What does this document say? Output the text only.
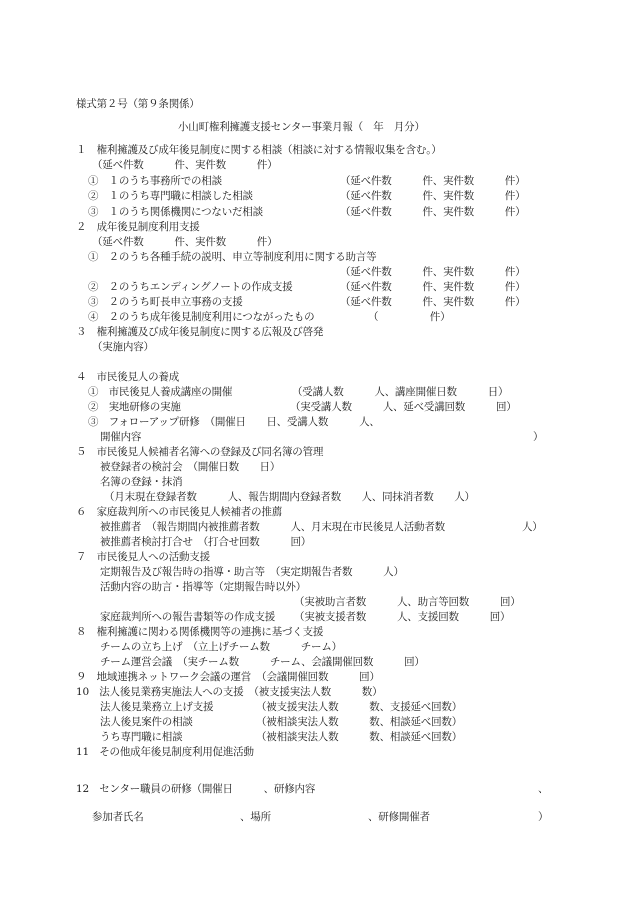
様式第２号（第９条関係）
小山町権利擁護支援センター事業月報（　年　月分）
１　権利擁護及び成年後見制度に関する相談（相談に対する情報収集を含む。）
（延べ件数　　　件、実件数　　　件）
①　１のうち事務所での相談	（延べ件数　　　件、実件数　　　件）
②　１のうち専門職に相談した相談	（延べ件数　　　件、実件数　　　件）
③　１のうち関係機関につないだ相談	（延べ件数　　　件、実件数　　　件）
２　成年後見制度利用支援
（延べ件数　　　件、実件数　　　件）
①　２のうち各種手続の説明、申立等制度利用に関する助言等
（延べ件数　　　件、実件数　　　件）
②　２のうちエンディングノートの作成支援	（延べ件数　　　件、実件数　　　件）
③　２のうち町長申立事務の支援	（延べ件数　　　件、実件数　　　件）
④　２のうち成年後見制度利用につながったもの	（　　　　　件）
３　権利擁護及び成年後見制度に関する広報及び啓発
（実施内容）
４　市民後見人の養成
①　市民後見人養成講座の開催	（受講人数　　　人、講座開催日数　　　日）
②　実地研修の実施	（実受講人数　　　人、延べ受講回数　　　回）
③　フォローアップ研修　（開催日　　日、受講人数　　　人、
開催内容	）
５　市民後見人候補者名簿への登録及び同名簿の管理
被登録者の検討会　（開催日数　　日）
名簿の登録・抹消
（月末現在登録者数　　　人、報告期間内登録者数　　人、同抹消者数　　人）
６　家庭裁判所への市民後見人候補者の推薦
被推薦者　（報告期間内被推薦者数　　　人、月末現在市民後見人活動者数	人）
被推薦者検討打合せ　（打合せ回数　　　回）
７　市民後見人への活動支援
定期報告及び報告時の指導・助言等　（実定期報告者数　　　人）
活動内容の助言・指導等（定期報告時以外）
（実被助言者数　　　人、助言等回数　　　回）
家庭裁判所への報告書類等の作成支援 （実被支援者数　　　人、支援回数　　　回）
８　権利擁護に関わる関係機関等の連携に基づく支援
チームの立ち上げ　（立上げチーム数　　　チーム）
チーム運営会議　（実チーム数　　　チーム、会議開催回数　　　回）
９　地域連携ネットワーク会議の運営　（会議開催回数　　　回）
10　法人後見業務実施法人への支援　（被支援実法人数　　　数）
法人後見業務立上げ支援	（被支援実法人数　　　数、支援延べ回数）
法人後見案件の相談	（被相談実法人数　　　数、相談延べ回数）
うち専門職に相談	（被相談実法人数　　　数、相談延べ回数）
11　その他成年後見制度利用促進活動
12　センター職員の研修（開催日　　　、研修内容	、
参加者氏名	、場所	、研修開催者	）
